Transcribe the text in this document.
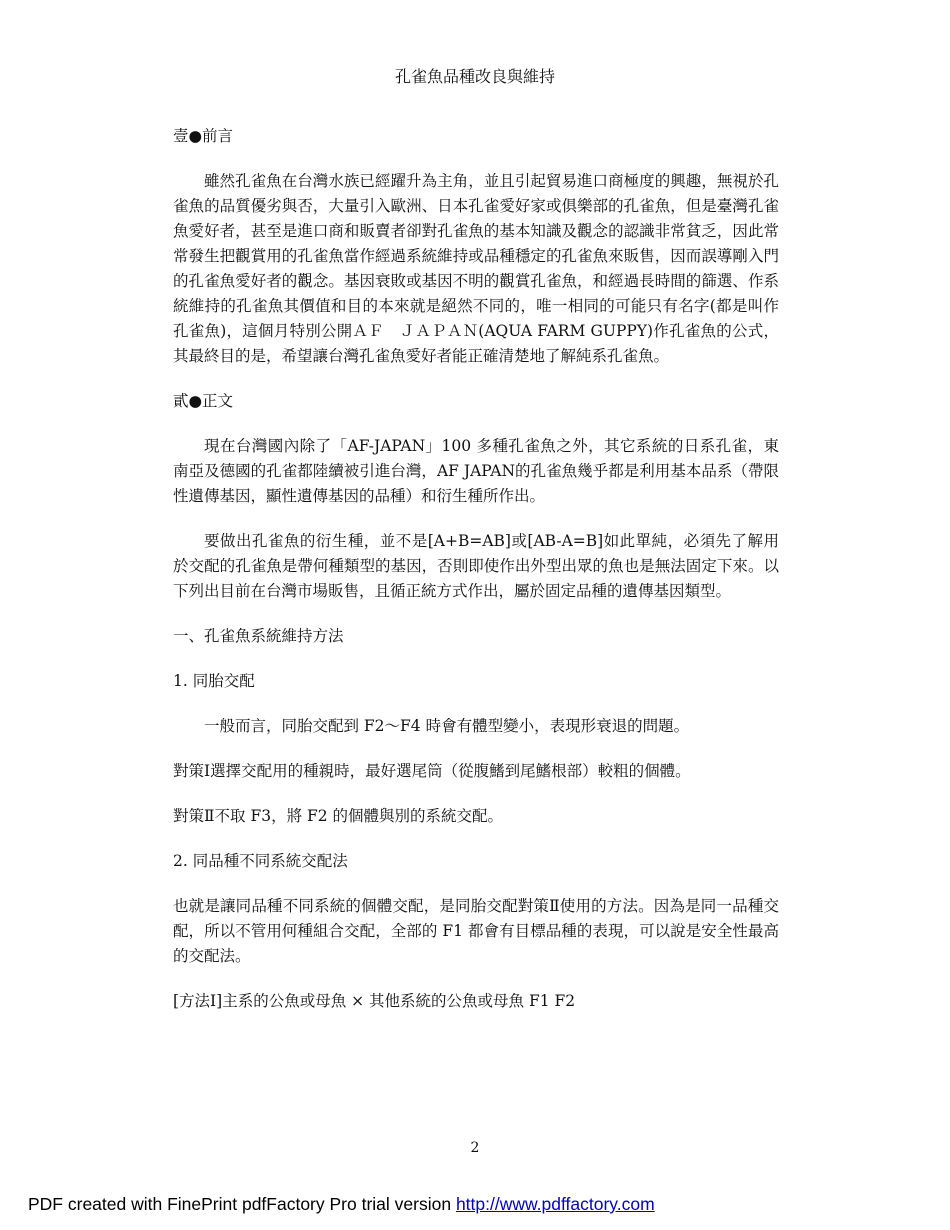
孔雀魚品種改良與維持
壹●前言

雖然孔雀魚在台灣水族已經躍升為主角，並且引起貿易進口商極度的興趣，無視於孔雀魚的品質優劣與否，大量引入歐洲、日本孔雀愛好家或俱樂部的孔雀魚，但是臺灣孔雀魚愛好者，甚至是進口商和販賣者卻對孔雀魚的基本知識及觀念的認識非常貧乏，因此常常發生把觀賞用的孔雀魚當作經過系統維持或品種穩定的孔雀魚來販售，因而誤導剛入門的孔雀魚愛好者的觀念。基因衰敗或基因不明的觀賞孔雀魚，和經過長時間的篩選、作系統維持的孔雀魚其價值和目的本來就是絕然不同的，唯一相同的可能只有名字(都是叫作孔雀魚)，這個月特別公開ＡＦ　ＪＡＰＡＮ(AQUA FARM GUPPY)作孔雀魚的公式，其最終目的是，希望讓台灣孔雀魚愛好者能正確清楚地了解純系孔雀魚。

貳●正文

現在台灣國內除了「AF-JAPAN」100 多種孔雀魚之外，其它系統的日系孔雀，東南亞及德國的孔雀都陸續被引進台灣，AF JAPAN的孔雀魚幾乎都是利用基本品系（帶限性遺傳基因，顯性遺傳基因的品種）和衍生種所作出。

要做出孔雀魚的衍生種，並不是[A+B=AB]或[AB-A=B]如此單純，必須先了解用於交配的孔雀魚是帶何種類型的基因，否則即使作出外型出眾的魚也是無法固定下來。以下列出目前在台灣市場販售，且循正統方式作出，屬於固定品種的遺傳基因類型。

一、孔雀魚系統維持方法
1. 同胎交配

一般而言，同胎交配到 F2～F4 時會有體型變小，表現形衰退的問題。

對策Ⅰ選擇交配用的種親時，最好選尾筒（從腹鰭到尾鰭根部）較粗的個體。

對策Ⅱ不取 F3，將 F2 的個體與別的系統交配。

2. 同品種不同系統交配法

也就是讓同品種不同系統的個體交配，是同胎交配對策Ⅱ使用的方法。因為是同一品種交配，所以不管用何種組合交配，全部的 F1 都會有目標品種的表現，可以說是安全性最高的交配法。

[方法Ⅰ]主系的公魚或母魚 × 其他系統的公魚或母魚 F1 F2

2
PDF created with FinePrint pdfFactory Pro trial version http://www.pdffactory.com
